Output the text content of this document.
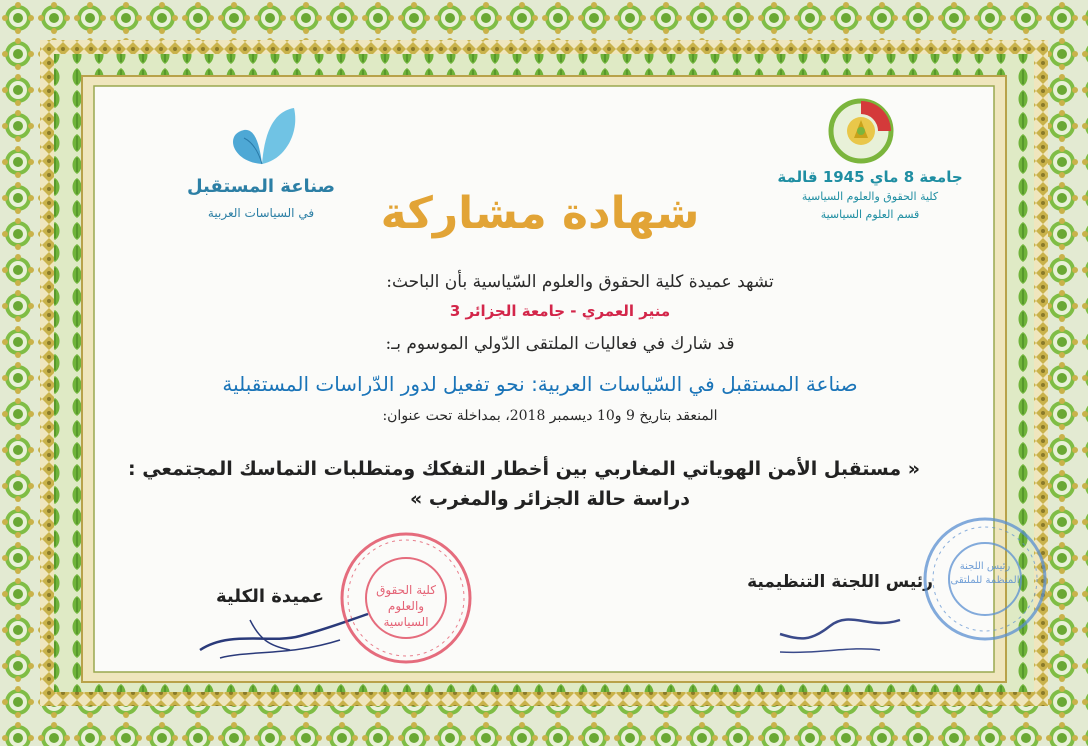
صناعة المستقبل
في السياسات العربية
جامعة 8 ماي 1945 قالمة
كلية الحقوق والعلوم السياسية
قسم العلوم السياسية
شهادة مشاركة
تشهد عميدة كلية الحقوق والعلوم السّياسية بأن الباحث:
منير العمري - جامعة الجزائر 3
قد شارك في فعاليات الملتقى الدّولي الموسوم بـ:
صناعة المستقبل في السّياسات العربية: نحو تفعيل لدور الدّراسات المستقبلية
المنعقد بتاريخ 9 و10 ديسمبر 2018، بمداخلة تحت عنوان:
« مستقبل الأمن الهوياتي المغاربي بين أخطار التفكك ومتطلبات التماسك المجتمعي :
دراسة حالة الجزائر والمغرب »
عميدة الكلية	كلية الحقوق والعلوم السياسية
رئيس اللجنة التنظيمية
رئيس اللجنة المنظمة للملتقى
